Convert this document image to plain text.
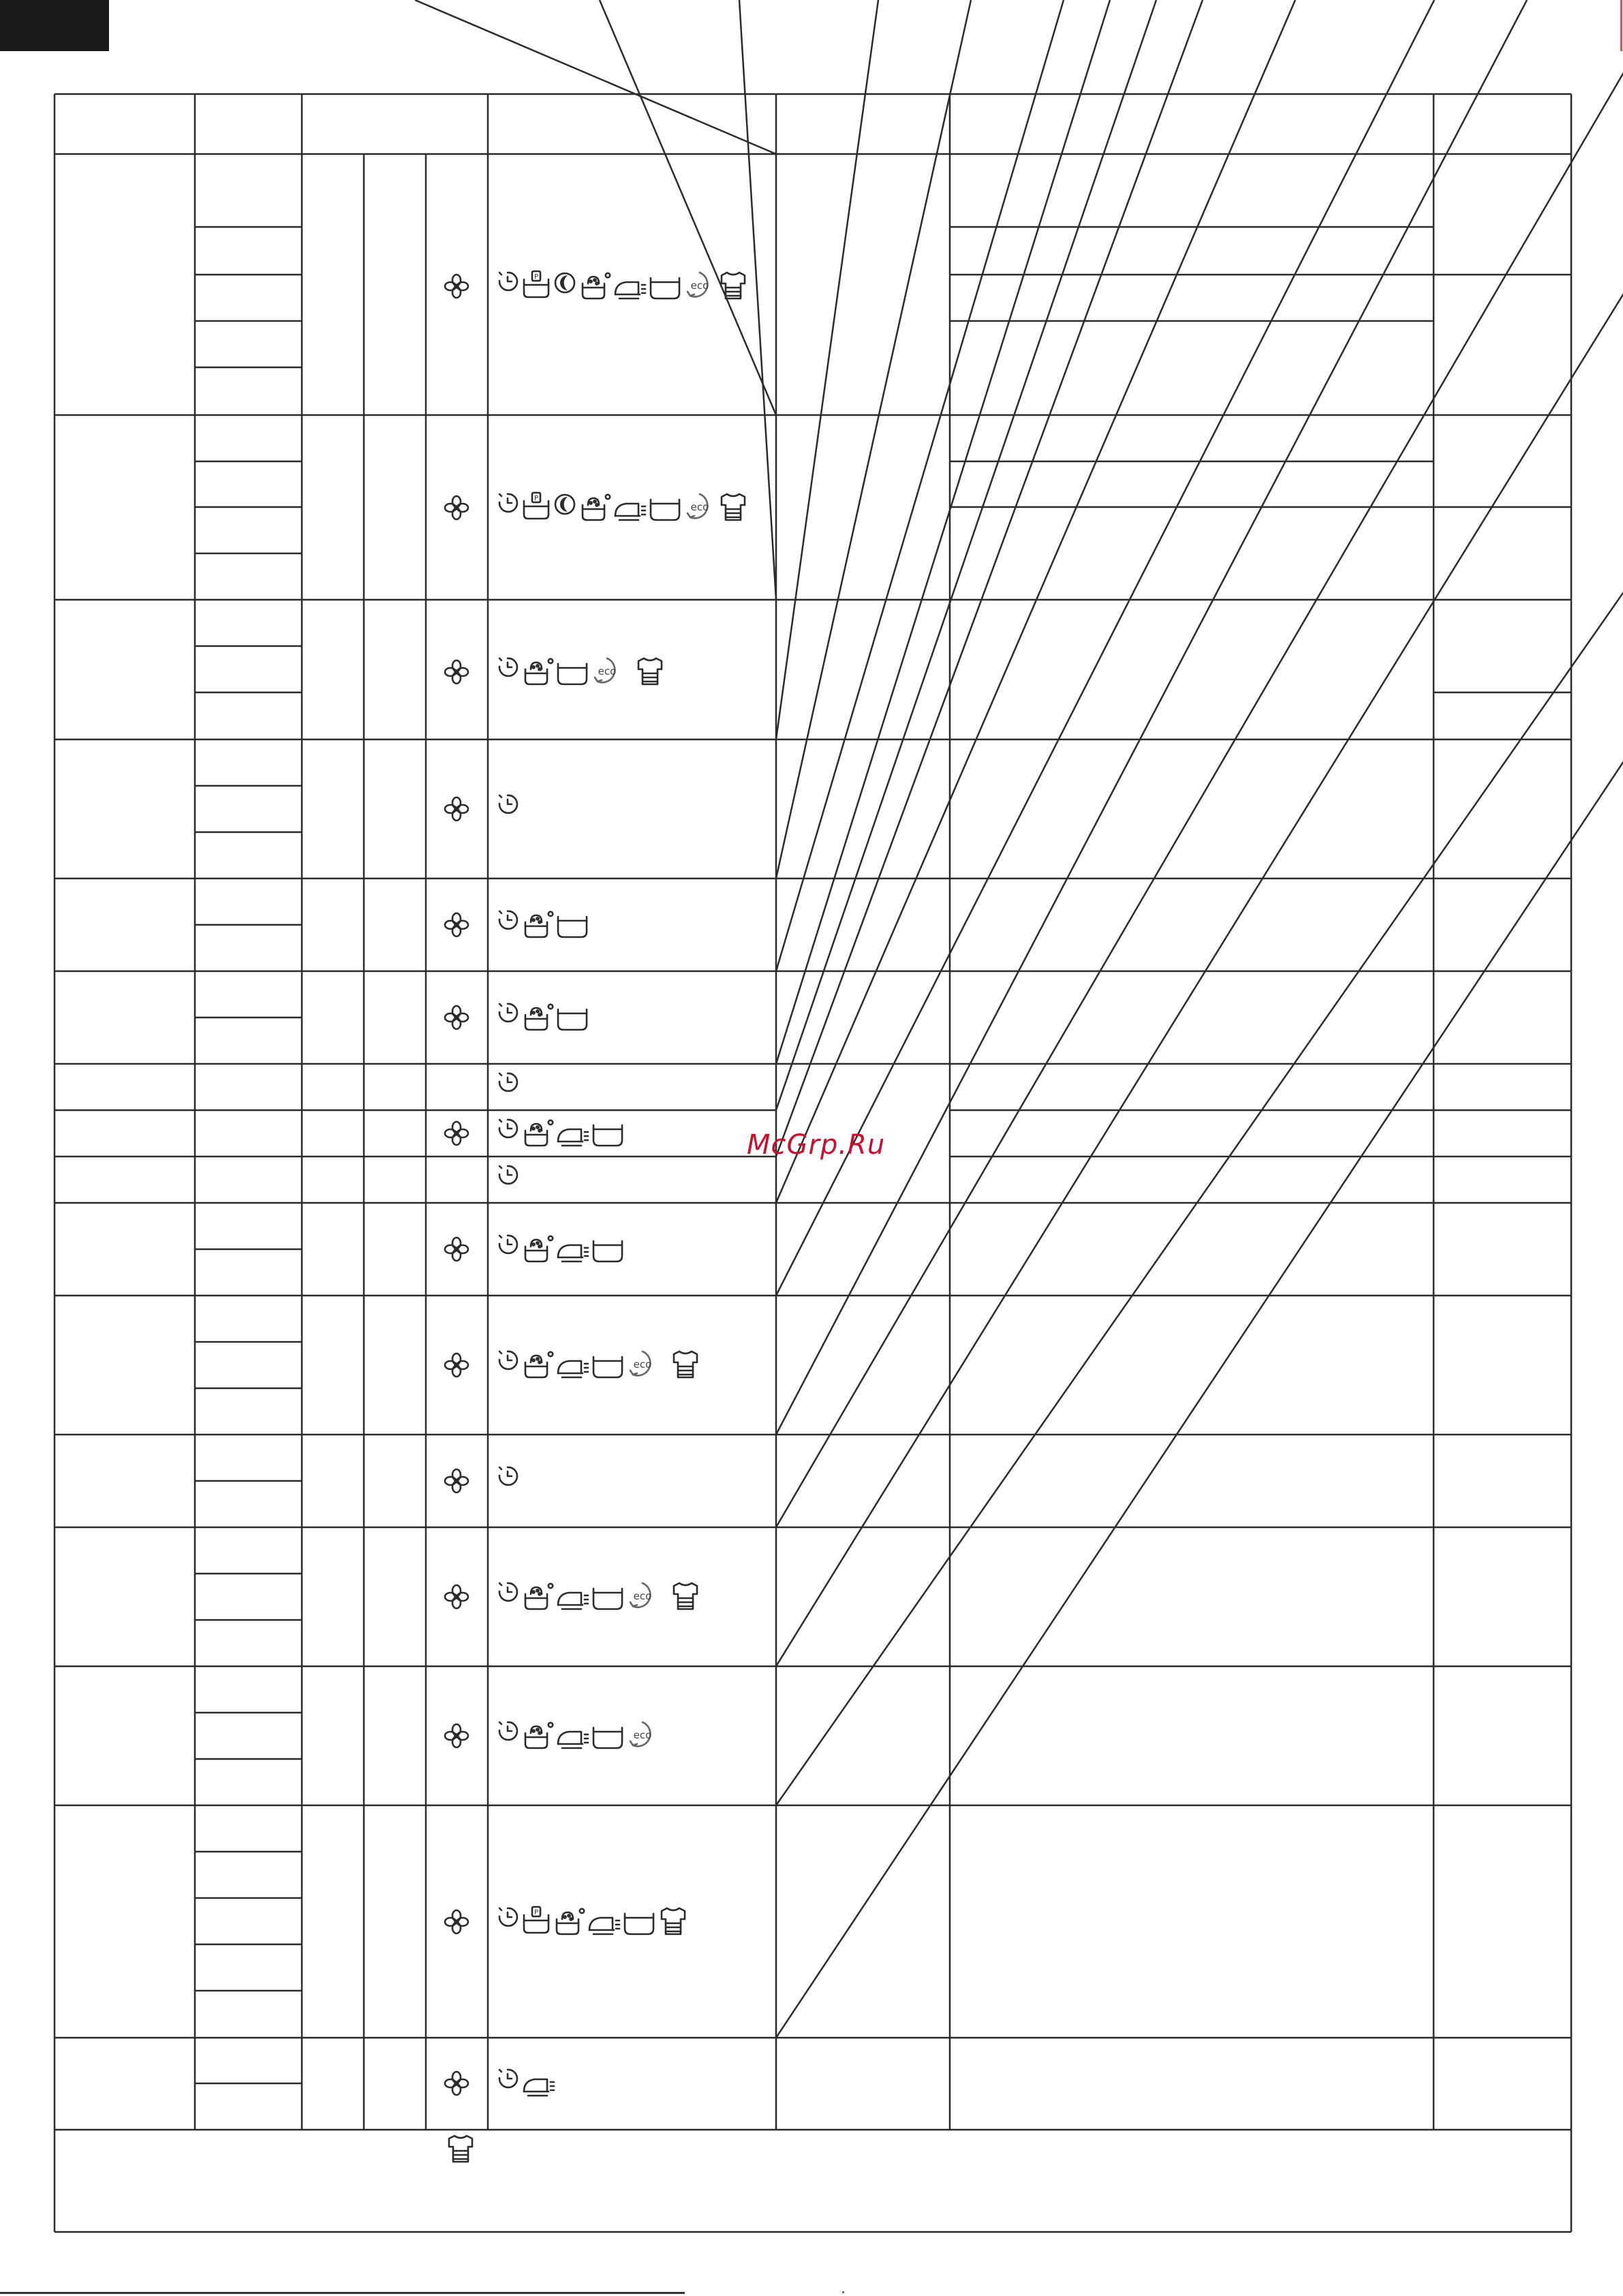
P
eco
P
eco
eco
eco
eco
eco
P
McGrp.Ru
